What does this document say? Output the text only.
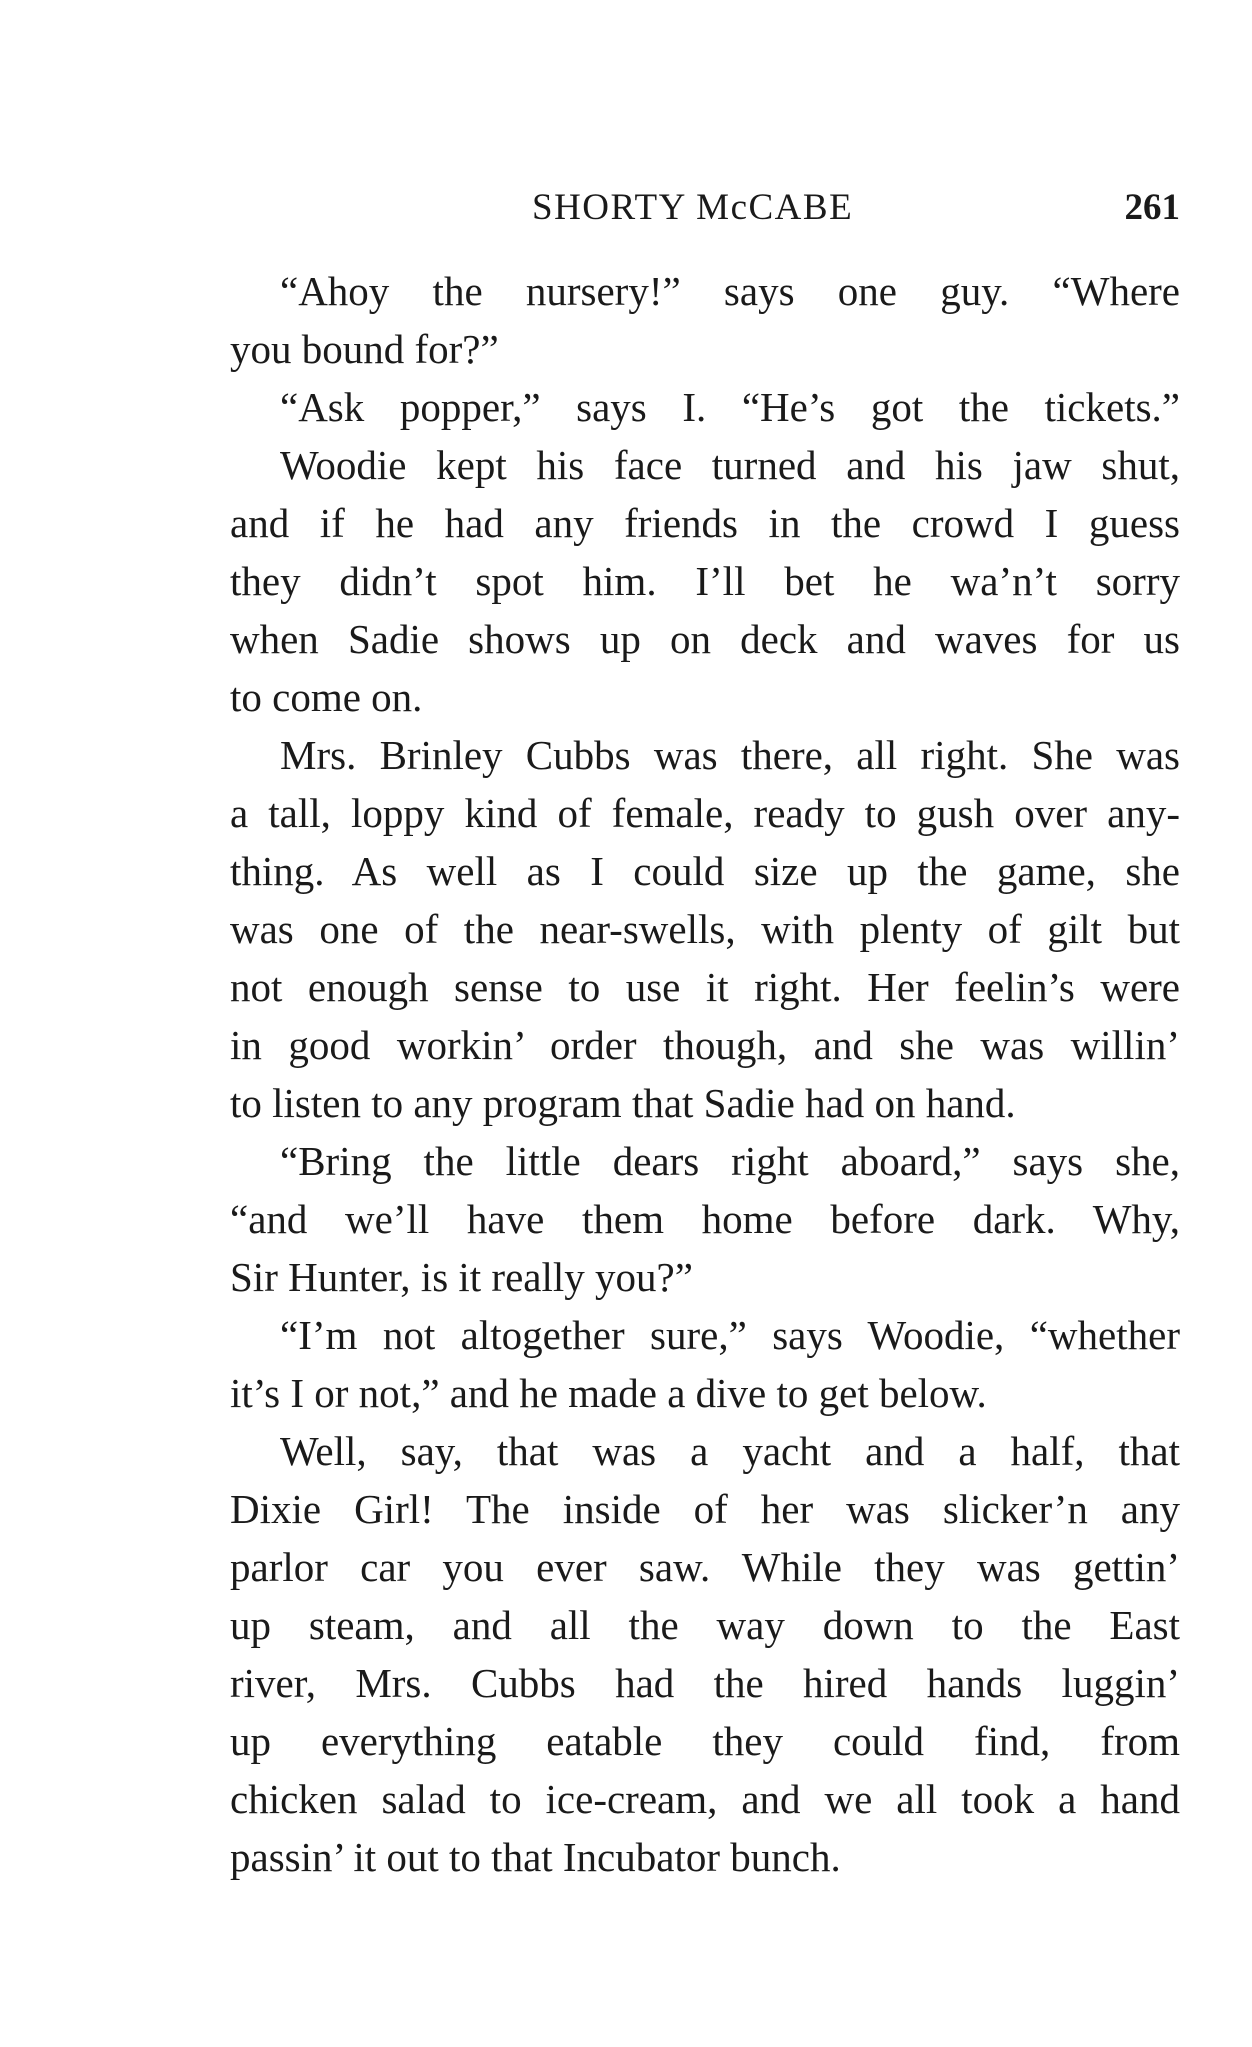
SHORTY McCABE	261
“Ahoy the nursery!” says one guy. “Where
you bound for?”
“Ask popper,” says I. “He’s got the tickets.”
Woodie kept his face turned and his jaw shut,
and if he had any friends in the crowd I guess
they didn’t spot him. I’ll bet he wa’n’t sorry
when Sadie shows up on deck and waves for us
to come on.
Mrs. Brinley Cubbs was there, all right. She was
a tall, loppy kind of female, ready to gush over any-
thing. As well as I could size up the game, she
was one of the near-swells, with plenty of gilt but
not enough sense to use it right. Her feelin’s were
in good workin’ order though, and she was willin’
to listen to any program that Sadie had on hand.
“Bring the little dears right aboard,” says she,
“and we’ll have them home before dark. Why,
Sir Hunter, is it really you?”
“I’m not altogether sure,” says Woodie, “whether
it’s I or not,” and he made a dive to get below.
Well, say, that was a yacht and a half, that
Dixie Girl! The inside of her was slicker’n any
parlor car you ever saw. While they was gettin’
up steam, and all the way down to the East
river, Mrs. Cubbs had the hired hands luggin’
up everything eatable they could find, from
chicken salad to ice-cream, and we all took a hand
passin’ it out to that Incubator bunch.
